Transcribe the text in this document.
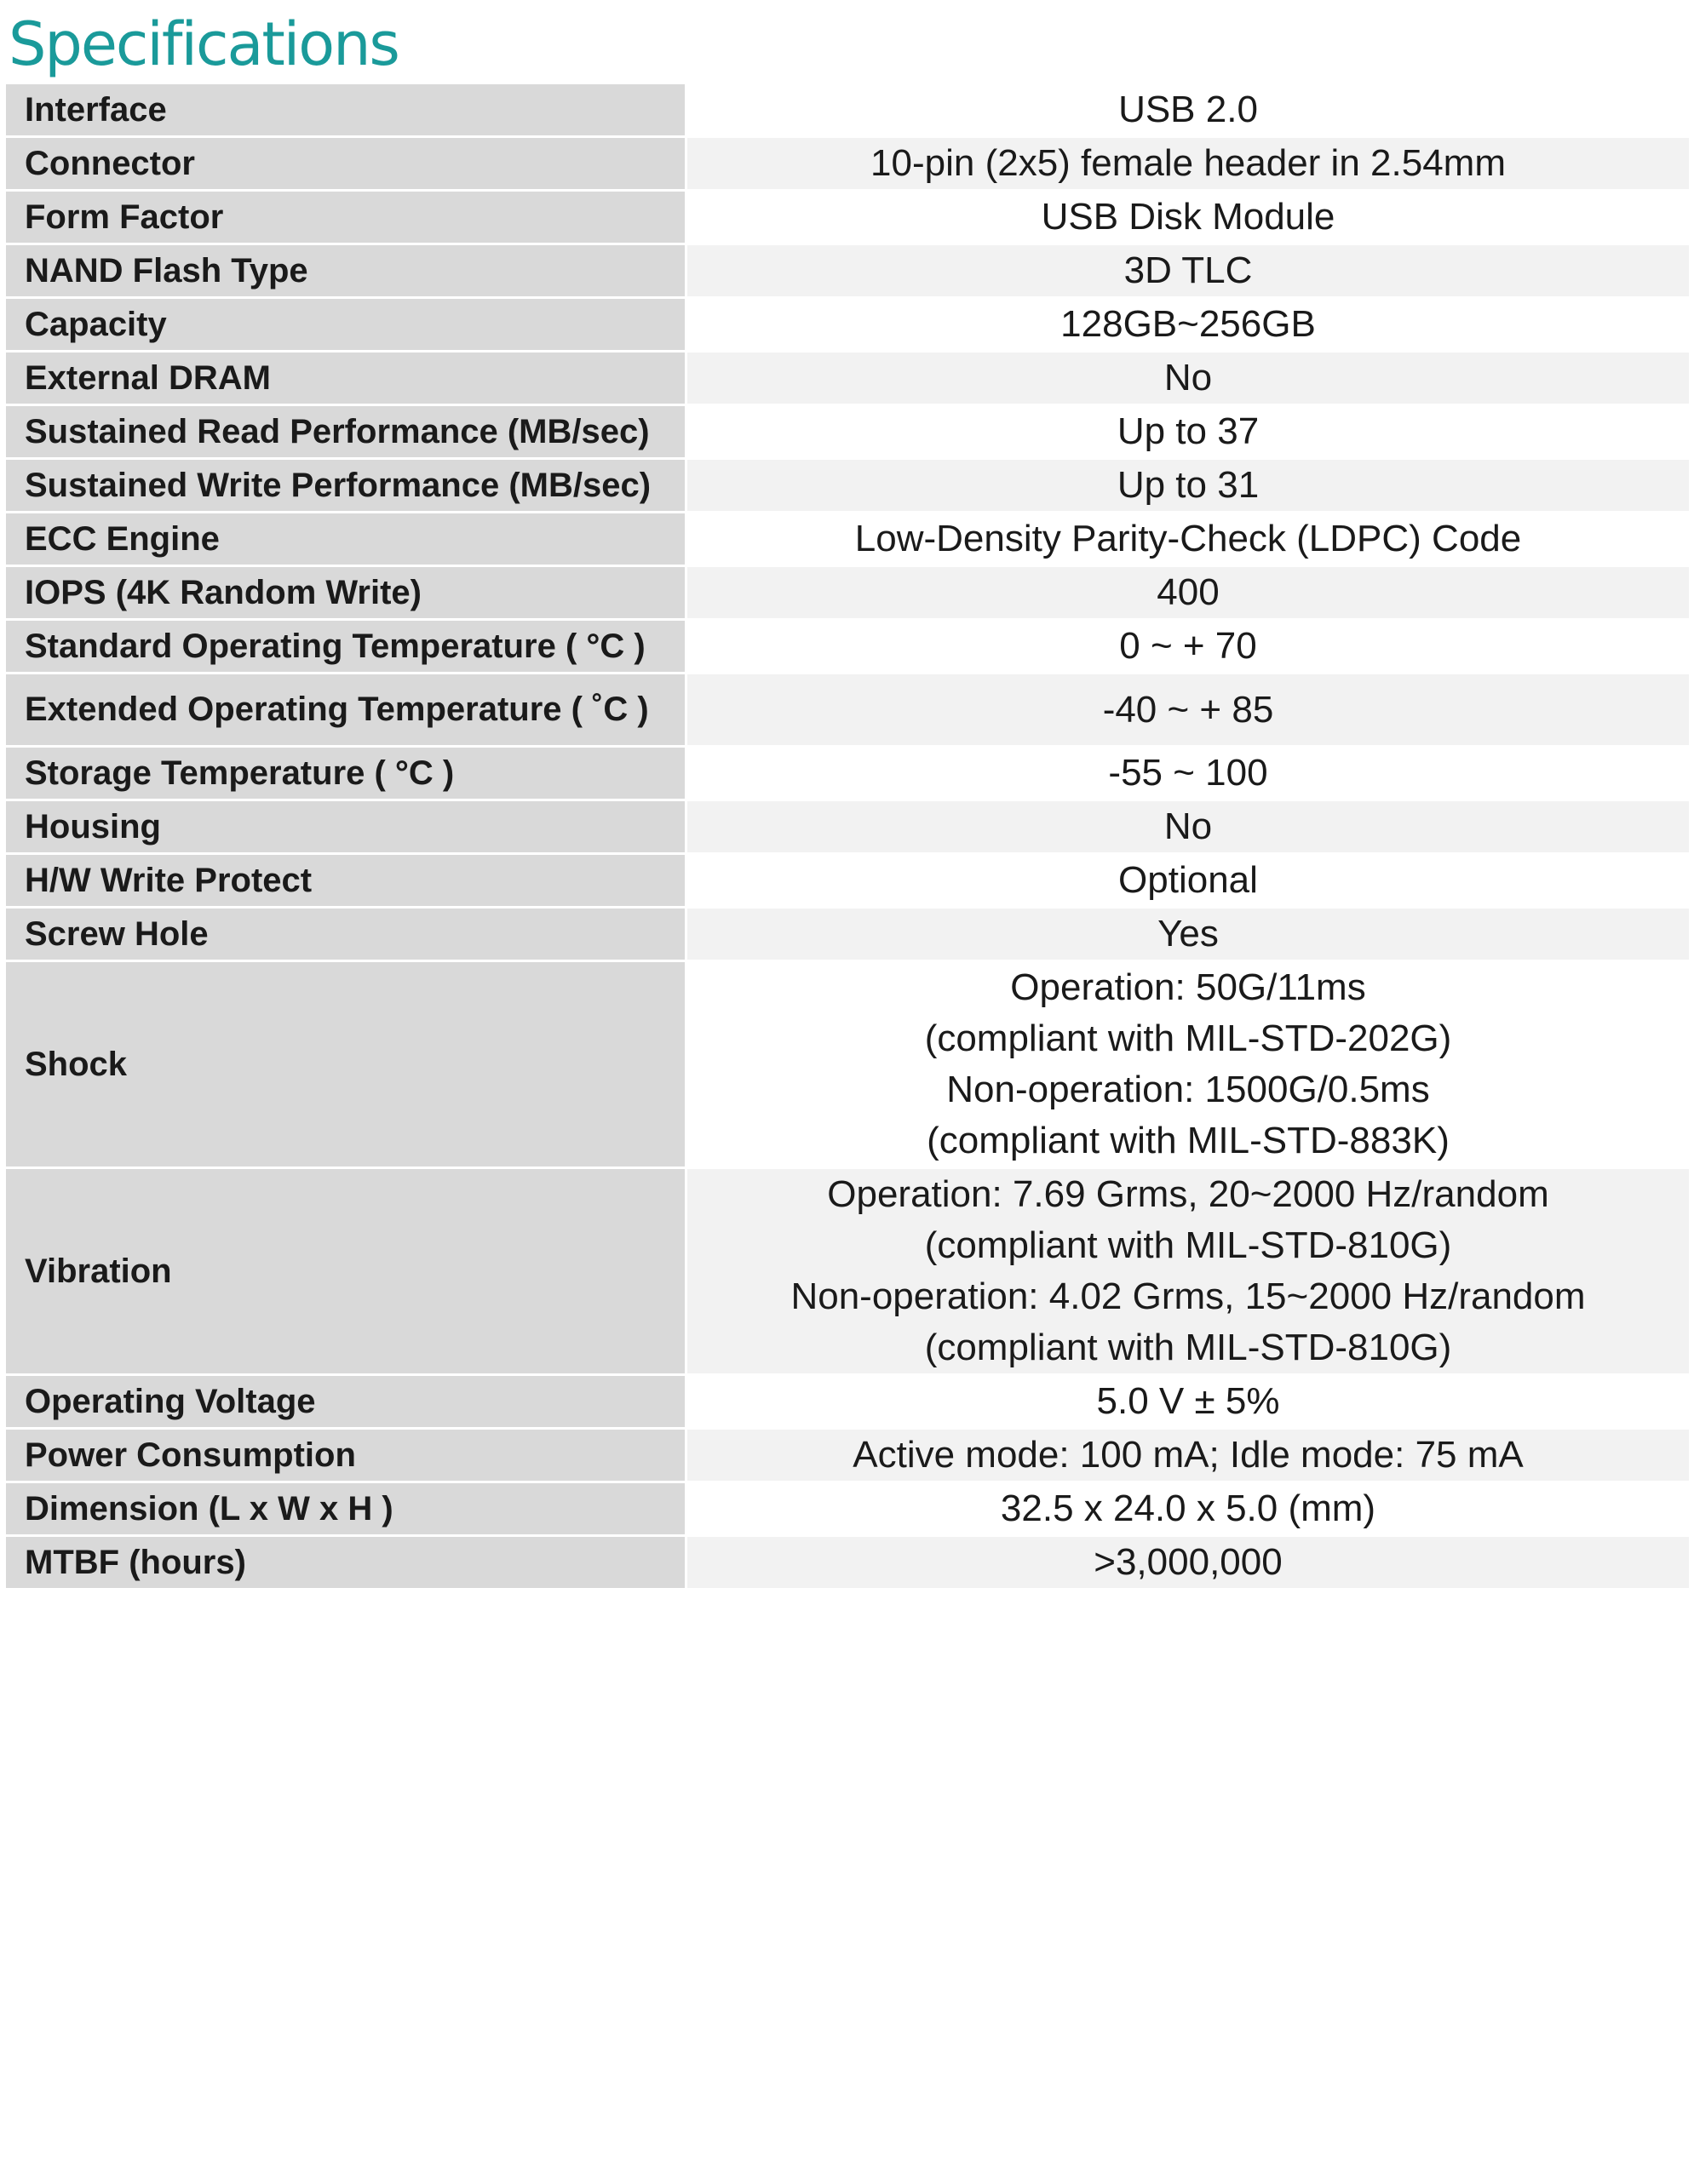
Specifications
Interface	USB 2.0

Connector	10-pin (2x5) female header in 2.54mm

Form Factor	USB Disk Module

NAND Flash Type	3D TLC

Capacity	128GB~256GB

External DRAM	No

Sustained Read Performance (MB/sec)	Up to 37

Sustained Write Performance (MB/sec)	Up to 31

ECC Engine	Low-Density Parity-Check (LDPC) Code

IOPS (4K Random Write)	400

Standard Operating Temperature ( °C )	0 ~ + 70

Extended Operating Temperature ( ˚C )	-40 ~ + 85

Storage Temperature ( °C )	-55 ~ 100

Housing	No

H/W Write Protect	Optional

Screw Hole	Yes

Shock	Operation: 50G/11ms
(compliant with MIL-STD-202G)
Non-operation: 1500G/0.5ms
(compliant with MIL-STD-883K)

Vibration	Operation: 7.69 Grms, 20~2000 Hz/random
(compliant with MIL-STD-810G)
Non-operation: 4.02 Grms, 15~2000 Hz/random
(compliant with MIL-STD-810G)

Operating Voltage	5.0 V ± 5%

Power Consumption	Active mode: 100 mA; Idle mode: 75 mA

Dimension (L x W x H )	32.5 x 24.0 x 5.0 (mm)

MTBF (hours)	>3,000,000
